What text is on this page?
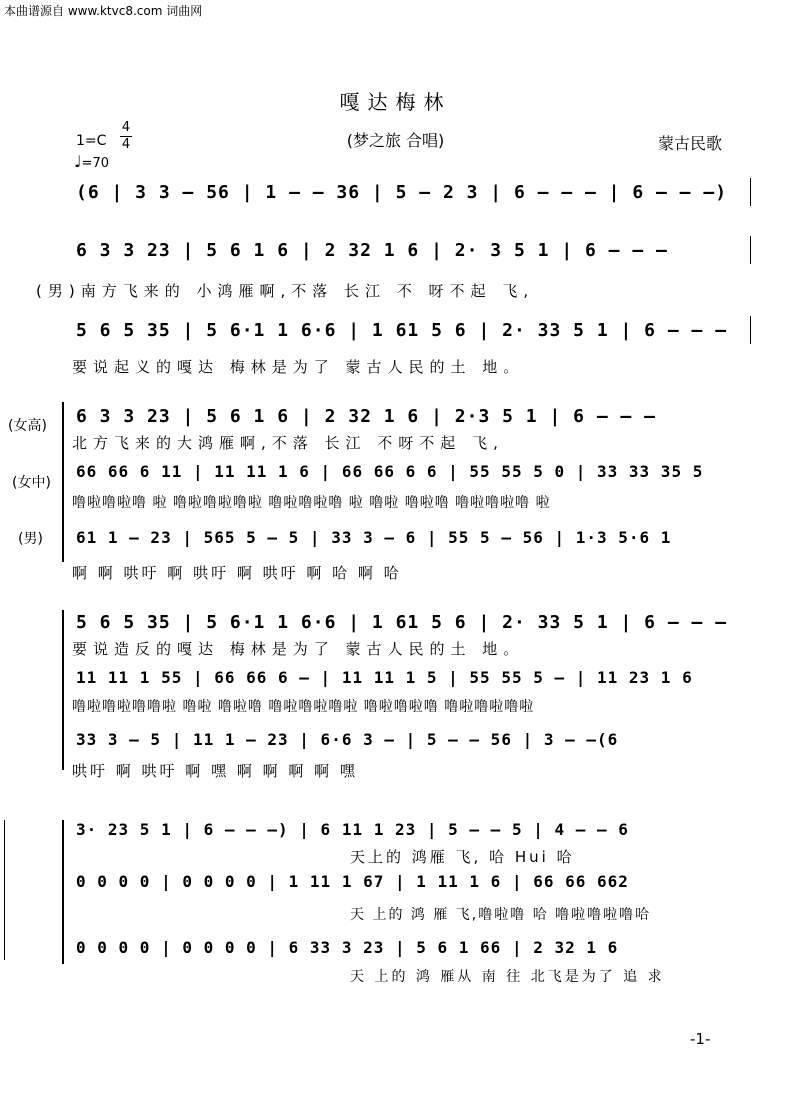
本曲谱源自 www.ktvc8.com 词曲网
嘎达梅林
(梦之旅 合唱)	蒙古民歌
1=C
4
4
♩=70
(6 | 3 3 – 56 | 1 – – 36 | 5 – 2 3 | 6 – – – | 6 – – –)
6 3 3 23 | 5 6 1 6 | 2 32 1 6 | 2· 3 5 1 | 6 – – –
(男)南方飞来的 小鸿雁啊,不落 长江 不 呀不起 飞,
5 6 5 35 | 5 6·1 1 6·6 | 1 61 5 6 | 2· 33 5 1 | 6 – – –
要说起义的嘎达 梅林是为了 蒙古人民的土 地。
(女高)
(女中)
(男)
6 3 3 23 | 5 6 1 6 | 2 32 1 6 | 2·3 5 1 | 6 – – –
北方飞来的大鸿雁啊,不落 长江 不呀不起 飞,
66 66 6 11 | 11 11 1 6 | 66 66 6 6 | 55 55 5 0 | 33 33 35 5
噜啦噜啦噜 啦 噜啦噜啦噜啦 噜啦噜啦噜 啦 噜啦 噜啦噜 噜啦噜啦噜 啦
61 1 – 23 | 565 5 – 5 | 33 3 – 6 | 55 5 – 56 | 1·3 5·6 1
啊 啊 哄吁 啊 哄吁 啊 哄吁 啊 哈 啊 哈
5 6 5 35 | 5 6·1 1 6·6 | 1 61 5 6 | 2· 33 5 1 | 6 – – –
要说造反的嘎达 梅林是为了 蒙古人民的土 地。
11 11 1 55 | 66 66 6 – | 11 11 1 5 | 55 55 5 – | 11 23 1 6
噜啦噜啦噜噜啦 噜啦 噜啦噜 噜啦噜啦噜啦 噜啦噜啦噜 噜啦噜啦噜啦
33 3 – 5 | 11 1 – 23 | 6·6 3 – | 5 – – 56 | 3 – –(6
哄吁 啊 哄吁 啊 嘿 啊 啊 啊 啊 嘿
3· 23 5 1 | 6 – – –) | 6 11 1 23 | 5 – – 5 | 4 – – 6
天上的 鸿雁 飞, 哈 Hui 哈
0 0 0 0 | 0 0 0 0 | 1 11 1 67 | 1 11 1 6 | 66 66 662
天 上的 鸿 雁 飞,噜啦噜 哈 噜啦噜啦噜哈
0 0 0 0 | 0 0 0 0 | 6 33 3 23 | 5 6 1 66 | 2 32 1 6
天 上的 鸿 雁从 南 往 北飞是为了 追 求
-1-
